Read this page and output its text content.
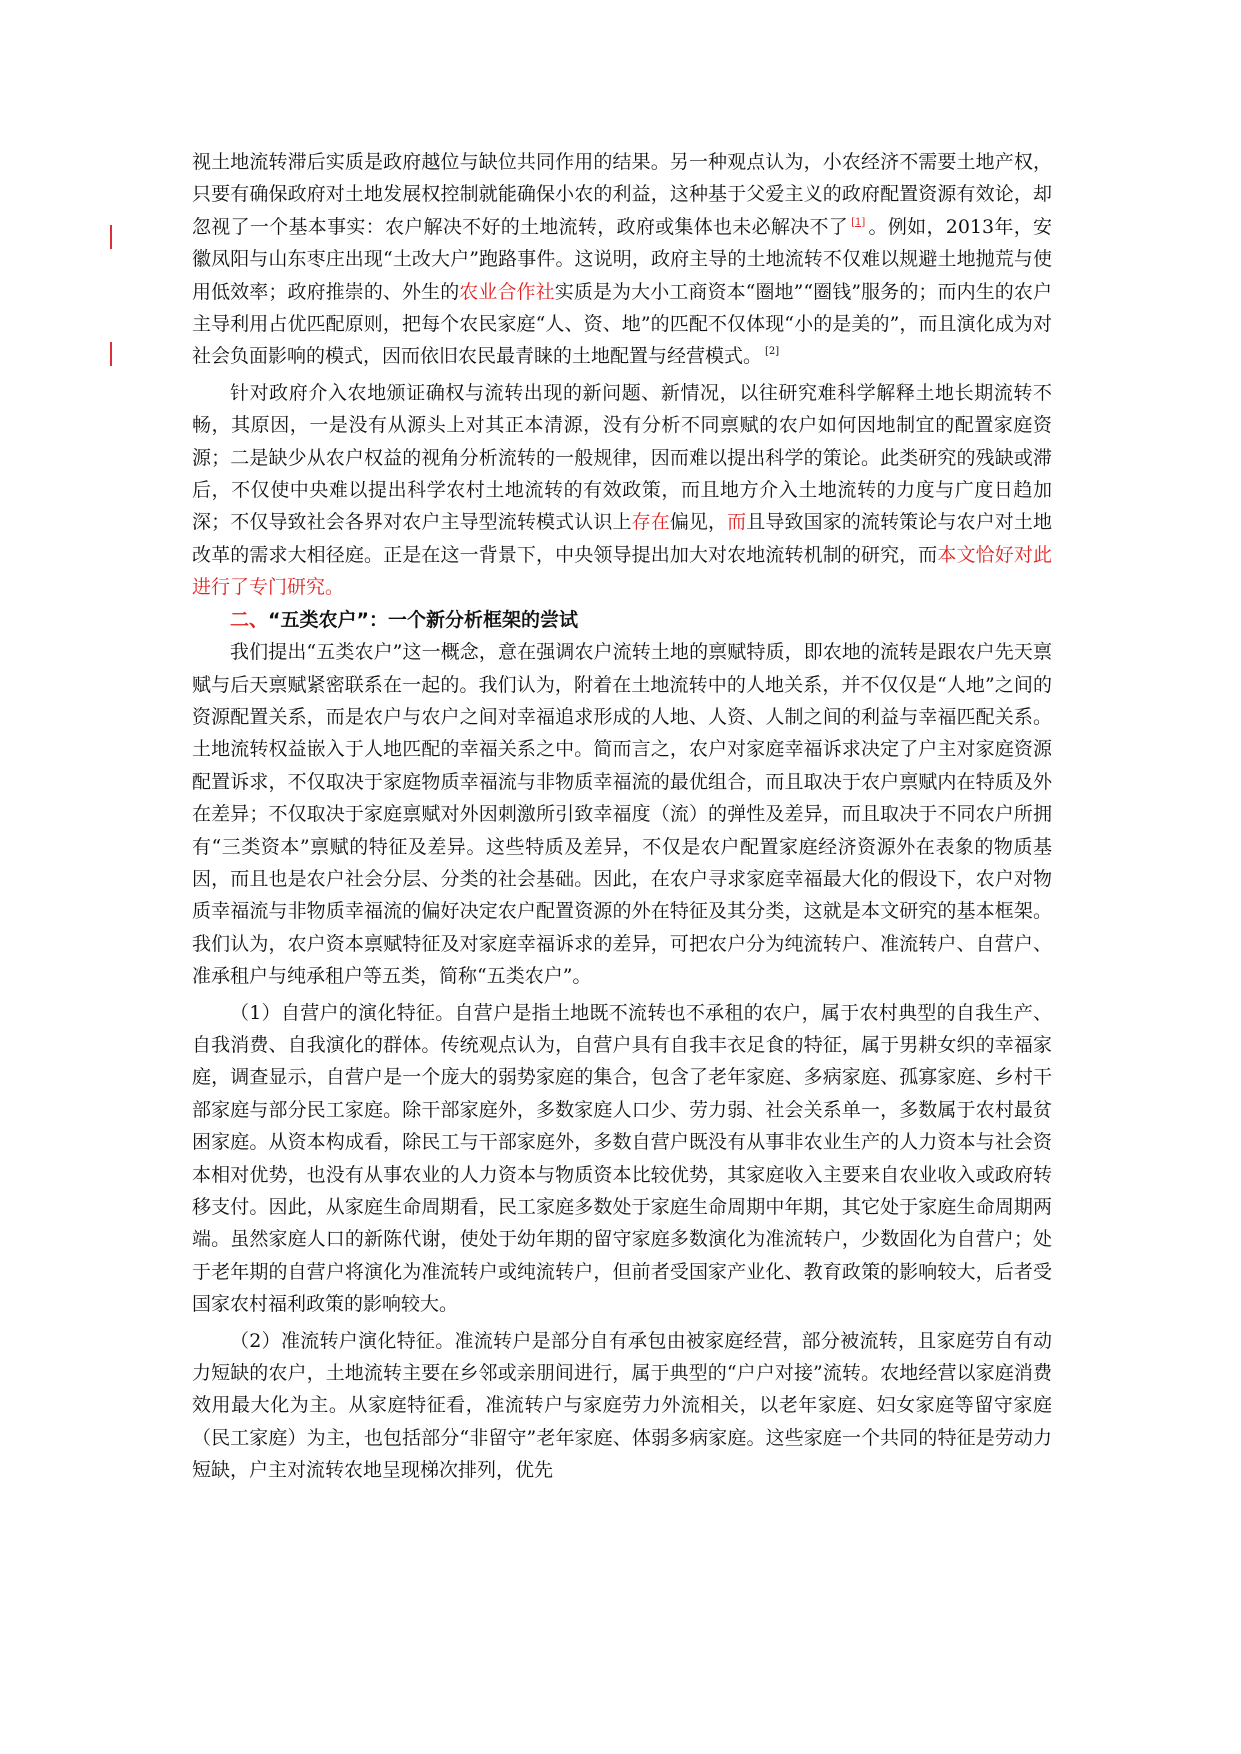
视土地流转滞后实质是政府越位与缺位共同作用的结果。另一种观点认为，小农经济不需要土地产权，只要有确保政府对土地发展权控制就能确保小农的利益，这种基于父爱主义的政府配置资源有效论，却忽视了一个基本事实：农户解决不好的土地流转，政府或集体也未必解决不了 [1] 。例如，2013年，安徽凤阳与山东枣庄出现“土改大户”跑路事件。这说明，政府主导的土地流转不仅难以规避土地抛荒与使用低效率；政府推崇的、外生的农业合作社实质是为大小工商资本“圈地”“圈钱”服务的；而内生的农户主导利用占优匹配原则，把每个农民家庭“人、资、地”的匹配不仅体现“小的是美的”，而且演化成为对社会负面影响的模式，因而依旧农民最青睐的土地配置与经营模式。 [2]

针对政府介入农地颁证确权与流转出现的新问题、新情况，以往研究难科学解释土地长期流转不畅，其原因，一是没有从源头上对其正本清源，没有分析不同禀赋的农户如何因地制宜的配置家庭资源；二是缺少从农户权益的视角分析流转的一般规律，因而难以提出科学的策论。此类研究的残缺或滞后，不仅使中央难以提出科学农村土地流转的有效政策，而且地方介入土地流转的力度与广度日趋加深；不仅导致社会各界对农户主导型流转模式认识上存在偏见，而且导致国家的流转策论与农户对土地改革的需求大相径庭。正是在这一背景下，中央领导提出加大对农地流转机制的研究，而本文恰好对此进行了专门研究。

二、“五类农户”：一个新分析框架的尝试

我们提出“五类农户”这一概念，意在强调农户流转土地的禀赋特质，即农地的流转是跟农户先天禀赋与后天禀赋紧密联系在一起的。我们认为，附着在土地流转中的人地关系，并不仅仅是“人地”之间的资源配置关系，而是农户与农户之间对幸福追求形成的人地、人资、人制之间的利益与幸福匹配关系。土地流转权益嵌入于人地匹配的幸福关系之中。简而言之，农户对家庭幸福诉求决定了户主对家庭资源配置诉求，不仅取决于家庭物质幸福流与非物质幸福流的最优组合，而且取决于农户禀赋内在特质及外在差异；不仅取决于家庭禀赋对外因刺激所引致幸福度（流）的弹性及差异，而且取决于不同农户所拥有“三类资本”禀赋的特征及差异。这些特质及差异，不仅是农户配置家庭经济资源外在表象的物质基因，而且也是农户社会分层、分类的社会基础。因此，在农户寻求家庭幸福最大化的假设下，农户对物质幸福流与非物质幸福流的偏好决定农户配置资源的外在特征及其分类，这就是本文研究的基本框架。我们认为，农户资本禀赋特征及对家庭幸福诉求的差异，可把农户分为纯流转户、准流转户、自营户、准承租户与纯承租户等五类，简称“五类农户”。

（1）自营户的演化特征。自营户是指土地既不流转也不承租的农户，属于农村典型的自我生产、自我消费、自我演化的群体。传统观点认为，自营户具有自我丰衣足食的特征，属于男耕女织的幸福家庭，调查显示，自营户是一个庞大的弱势家庭的集合，包含了老年家庭、多病家庭、孤寡家庭、乡村干部家庭与部分民工家庭。除干部家庭外，多数家庭人口少、劳力弱、社会关系单一，多数属于农村最贫困家庭。从资本构成看，除民工与干部家庭外，多数自营户既没有从事非农业生产的人力资本与社会资本相对优势，也没有从事农业的人力资本与物质资本比较优势，其家庭收入主要来自农业收入或政府转移支付。因此，从家庭生命周期看，民工家庭多数处于家庭生命周期中年期，其它处于家庭生命周期两端。虽然家庭人口的新陈代谢，使处于幼年期的留守家庭多数演化为准流转户，少数固化为自营户；处于老年期的自营户将演化为准流转户或纯流转户，但前者受国家产业化、教育政策的影响较大，后者受国家农村福利政策的影响较大。

（2）准流转户演化特征。准流转户是部分自有承包由被家庭经营，部分被流转，且家庭劳自有动力短缺的农户，土地流转主要在乡邻或亲朋间进行，属于典型的“户户对接”流转。农地经营以家庭消费效用最大化为主。从家庭特征看，准流转户与家庭劳力外流相关，以老年家庭、妇女家庭等留守家庭（民工家庭）为主，也包括部分“非留守”老年家庭、体弱多病家庭。这些家庭一个共同的特征是劳动力短缺，户主对流转农地呈现梯次排列，优先
